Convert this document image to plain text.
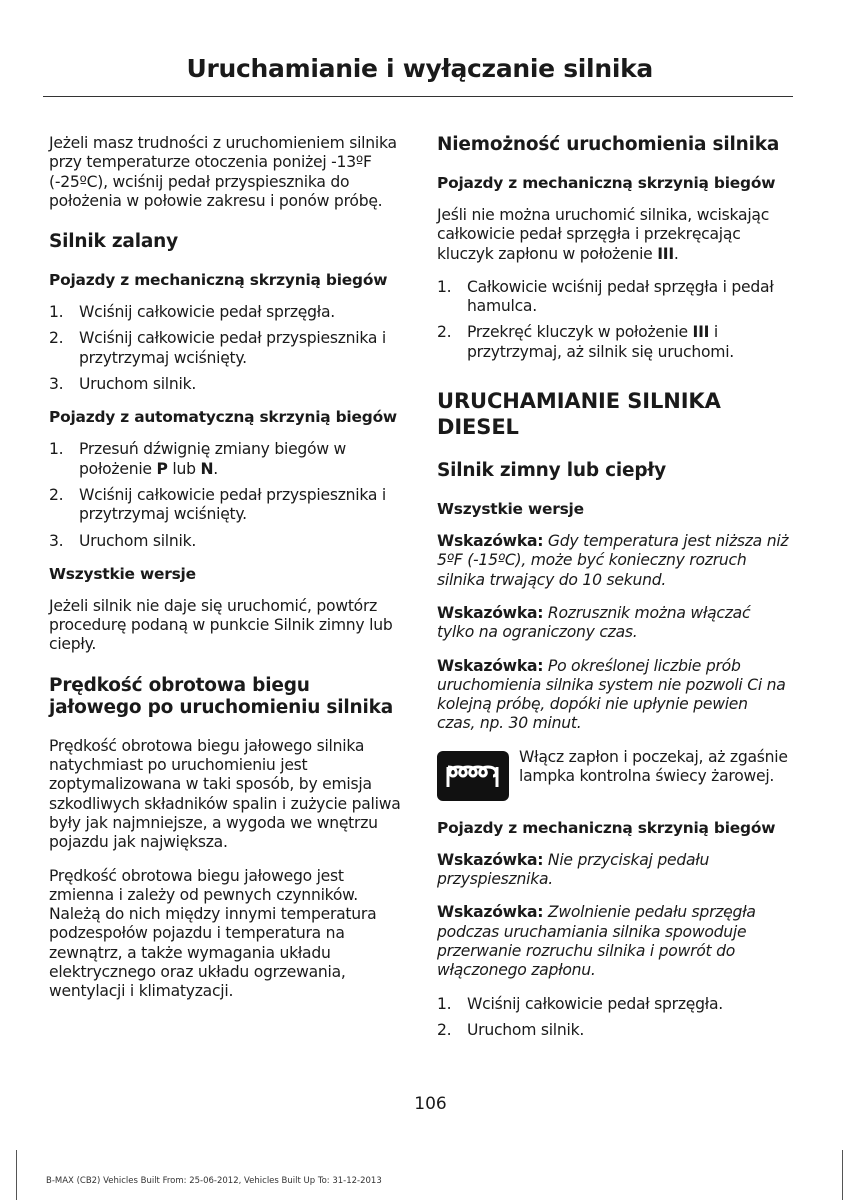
Uruchamianie i wyłączanie silnika

Jeżeli masz trudności z uruchomieniem silnika przy temperaturze otoczenia poniżej -13ºF (-25ºC), wciśnij pedał przyspiesznika do położenia w połowie zakresu i ponów próbę.

Silnik zalany
Pojazdy z mechaniczną skrzynią biegów
1. Wciśnij całkowicie pedał sprzęgła.
2. Wciśnij całkowicie pedał przyspiesznika i przytrzymaj wciśnięty.
3. Uruchom silnik.
Pojazdy z automatyczną skrzynią biegów
1. Przesuń dźwignię zmiany biegów w położenie P lub N.
2. Wciśnij całkowicie pedał przyspiesznika i przytrzymaj wciśnięty.
3. Uruchom silnik.
Wszystkie wersje

Jeżeli silnik nie daje się uruchomić, powtórz procedurę podaną w punkcie Silnik zimny lub ciepły.

Prędkość obrotowa biegu jałowego po uruchomieniu silnika

Prędkość obrotowa biegu jałowego silnika natychmiast po uruchomieniu jest zoptymalizowana w taki sposób, by emisja szkodliwych składników spalin i zużycie paliwa były jak najmniejsze, a wygoda we wnętrzu pojazdu jak największa.

Prędkość obrotowa biegu jałowego jest zmienna i zależy od pewnych czynników. Należą do nich między innymi temperatura podzespołów pojazdu i temperatura na zewnątrz, a także wymagania układu elektrycznego oraz układu ogrzewania, wentylacji i klimatyzacji.

Niemożność uruchomienia silnika
Pojazdy z mechaniczną skrzynią biegów

Jeśli nie można uruchomić silnika, wciskając całkowicie pedał sprzęgła i przekręcając kluczyk zapłonu w położenie III.

1. Całkowicie wciśnij pedał sprzęgła i pedał hamulca.
2. Przekręć kluczyk w położenie III i przytrzymaj, aż silnik się uruchomi.
URUCHAMIANIE SILNIKA DIESEL
Silnik zimny lub ciepły
Wszystkie wersje

Wskazówka: Gdy temperatura jest niższa niż 5ºF (-15ºC), może być konieczny rozruch silnika trwający do 10 sekund.

Wskazówka: Rozrusznik można włączać tylko na ograniczony czas.

Wskazówka: Po określonej liczbie prób uruchomienia silnika system nie pozwoli Ci na kolejną próbę, dopóki nie upłynie pewien czas, np. 30 minut.

Włącz zapłon i poczekaj, aż zgaśnie lampka kontrolna świecy żarowej.

Pojazdy z mechaniczną skrzynią biegów

Wskazówka: Nie przyciskaj pedału przyspiesznika.

Wskazówka: Zwolnienie pedału sprzęgła podczas uruchamiania silnika spowoduje przerwanie rozruchu silnika i powrót do włączonego zapłonu.

1. Wciśnij całkowicie pedał sprzęgła.
2. Uruchom silnik.
106
B-MAX (CB2) Vehicles Built From: 25-06-2012, Vehicles Built Up To: 31-12-2013
